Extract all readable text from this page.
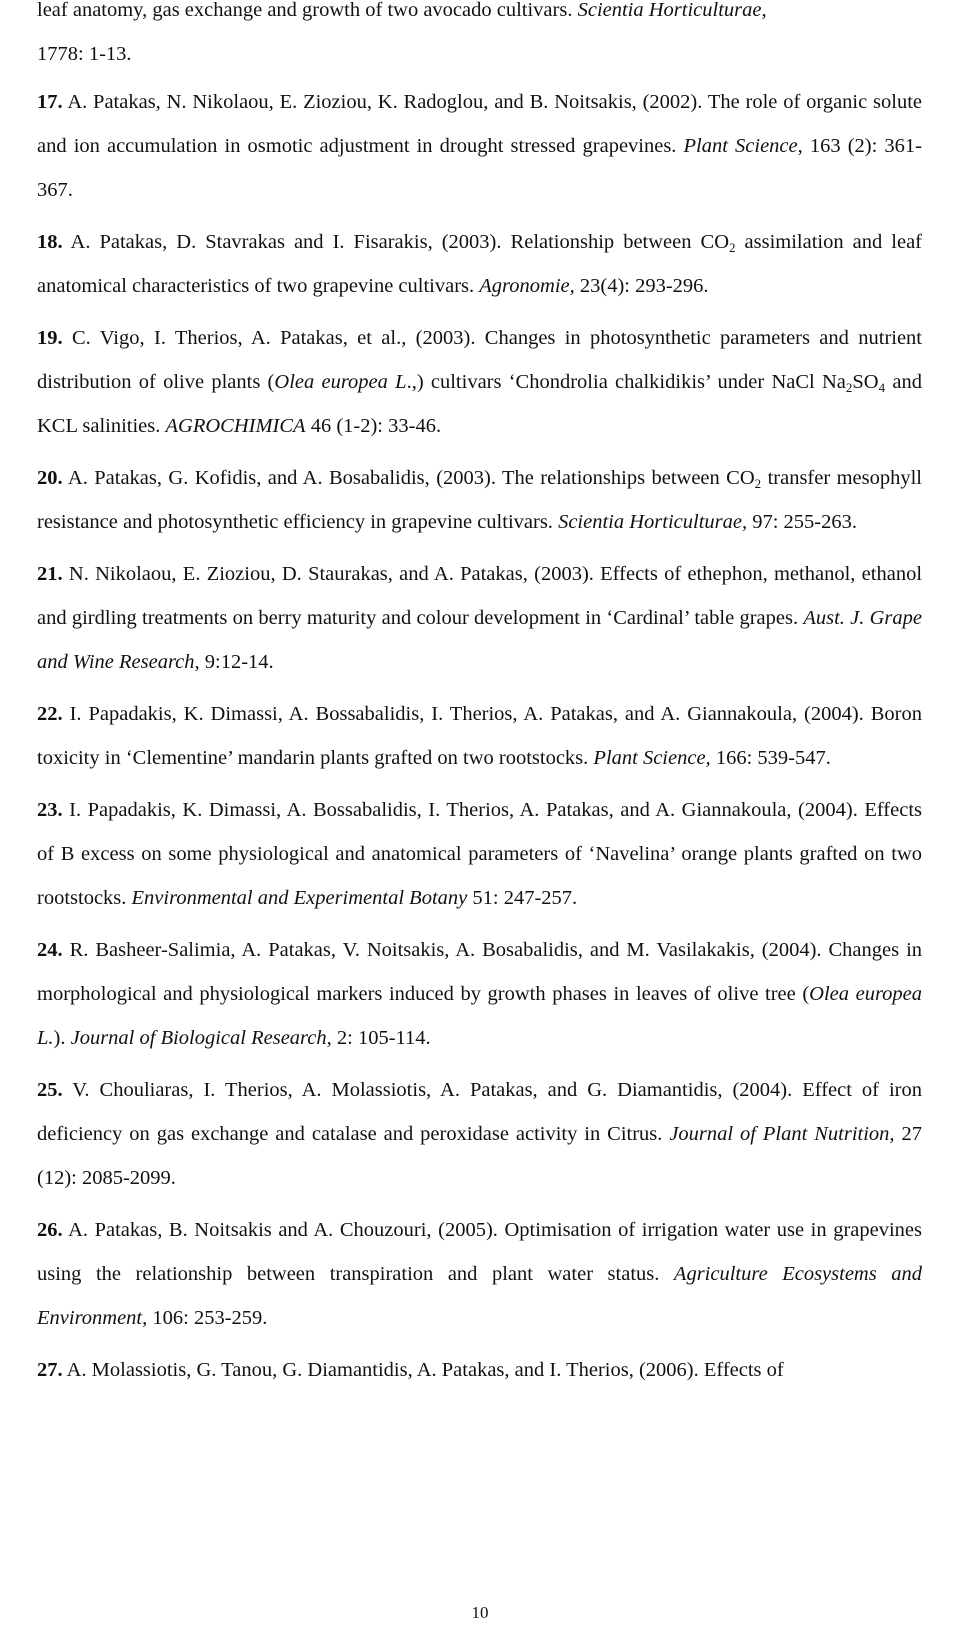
leaf anatomy, gas exchange and growth of two avocado cultivars. Scientia Horticulturae,
1778: 1-13.
17. A. Patakas, N. Nikolaou, E. Zioziou, K. Radoglou, and B. Noitsakis, (2002). The role of organic solute and ion accumulation in osmotic adjustment in drought stressed grapevines. Plant Science, 163 (2): 361-367.
18. A. Patakas, D. Stavrakas and I. Fisarakis, (2003). Relationship between $CO_2$ assimilation and leaf anatomical characteristics of two grapevine cultivars. Agronomie, 23(4): 293-296.
19. C. Vigo, I. Therios, A. Patakas, et al., (2003). Changes in photosynthetic parameters and nutrient distribution of olive plants (Olea europea L.,) cultivars ‘Chondrolia chalkidikis’ under NaCl $Na_2SO_4$ and KCL salinities. AGROCHIMICA 46 (1-2): 33-46.
20. A. Patakas, G. Kofidis, and A. Bosabalidis, (2003). The relationships between $CO_2$ transfer mesophyll resistance and photosynthetic efficiency in grapevine cultivars. Scientia Horticulturae, 97: 255-263.
21. N. Nikolaou, E. Zioziou, D. Staurakas, and A. Patakas, (2003). Effects of ethephon, methanol, ethanol and girdling treatments on berry maturity and colour development in ‘Cardinal’ table grapes. Aust. J. Grape and Wine Research, 9:12-14.
22. I. Papadakis, K. Dimassi, A. Bossabalidis, I. Therios, A. Patakas, and A. Giannakoula, (2004). Boron toxicity in ‘Clementine’ mandarin plants grafted on two rootstocks. Plant Science, 166: 539-547.
23. I. Papadakis, K. Dimassi, A. Bossabalidis, I. Therios, A. Patakas, and A. Giannakoula, (2004). Effects of B excess on some physiological and anatomical parameters of ‘Navelina’ orange plants grafted on two rootstocks. Environmental and Experimental Botany 51: 247-257.
24. R. Basheer-Salimia, A. Patakas, V. Noitsakis, A. Bosabalidis, and M. Vasilakakis, (2004). Changes in morphological and physiological markers induced by growth phases in leaves of olive tree (Olea europea L.). Journal of Biological Research, 2: 105-114.
25. V. Chouliaras, I. Therios, A. Molassiotis, A. Patakas, and G. Diamantidis, (2004). Effect of iron deficiency on gas exchange and catalase and peroxidase activity in Citrus. Journal of Plant Nutrition, 27 (12): 2085-2099.
26. A. Patakas, B. Noitsakis and A. Chouzouri, (2005). Optimisation of irrigation water use in grapevines using the relationship between transpiration and plant water status. Agriculture Ecosystems and Environment, 106: 253-259.
27. A. Molassiotis, G. Tanou, G. Diamantidis, A. Patakas, and I. Therios, (2006). Effects of
10
